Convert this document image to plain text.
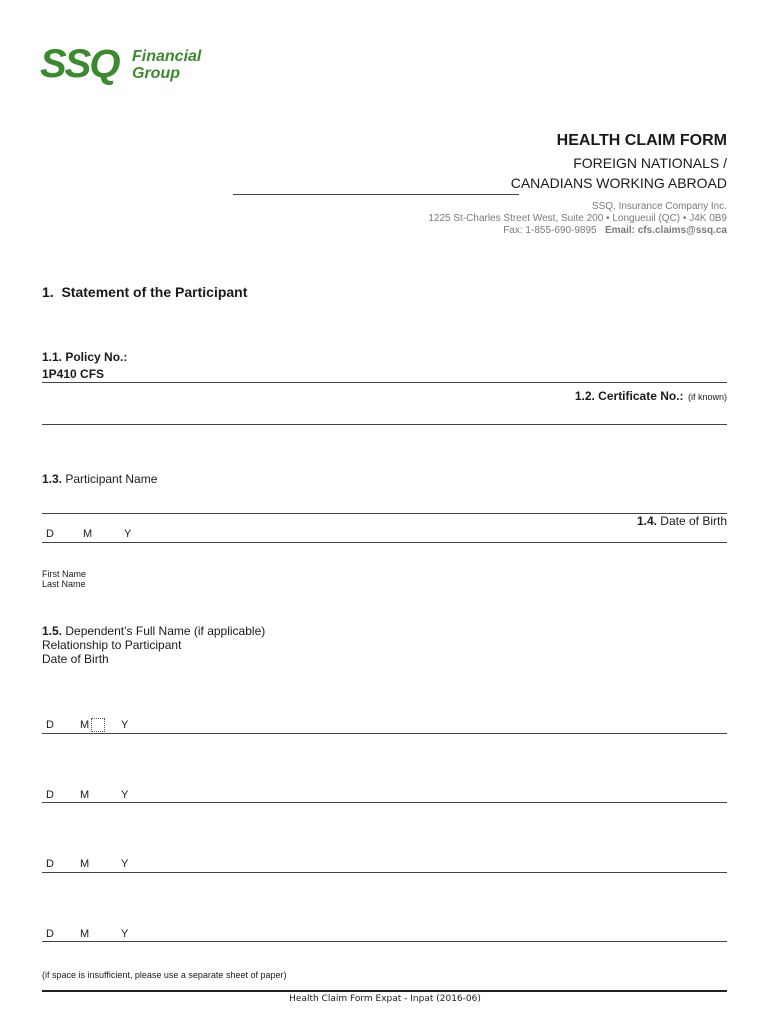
SSQ Financial
Group
HEALTH CLAIM FORM
FOREIGN NATIONALS /
CANADIANS WORKING ABROAD
SSQ, Insurance Company Inc.
1225 St-Charles Street West, Suite 200 • Longueuil (QC) • J4K 0B9
Fax: 1-855-690-9895 Email: cfs.claims@ssq.ca
1. Statement of the Participant
1.1. Policy No.:
1P410 CFS
1.2. Certificate No.: (if known)
1.3. Participant Name
1.4. Date of Birth
D	M	Y
First Name
Last Name
1.5. Dependent’s Full Name (if applicable)
Relationship to Participant
Date of Birth
D M	Y
D M	Y
D M	Y
D M	Y
(if space is insufficient, please use a separate sheet of paper)
Health Claim Form Expat - Inpat (2016-06)
